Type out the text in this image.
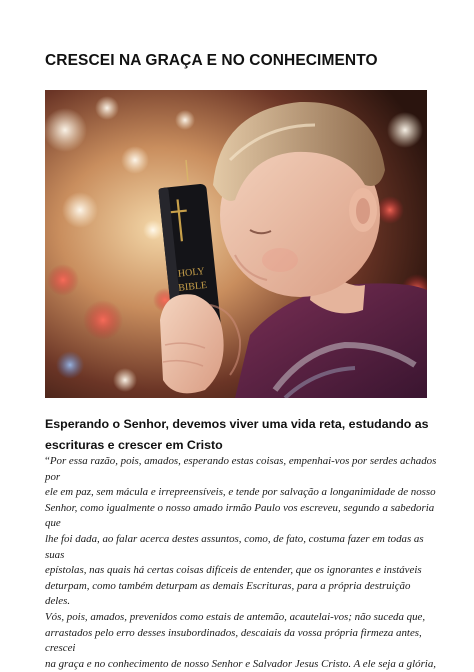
CRESCEI NA GRAÇA E NO CONHECIMENTO
HOLY
BIBLE
Esperando o Senhor, devemos viver uma vida reta, estudando as escrituras e crescer em Cristo

“Por essa razão, pois, amados, esperando estas coisas, empenhai-vos por serdes achados por

ele em paz, sem mácula e irrepreensíveis, e tende por salvação a longanimidade de nosso

Senhor, como igualmente o nosso amado irmão Paulo vos escreveu, segundo a sabedoria que

lhe foi dada, ao falar acerca destes assuntos, como, de fato, costuma fazer em todas as suas

epístolas, nas quais há certas coisas difíceis de entender, que os ignorantes e instáveis

deturpam, como também deturpam as demais Escrituras, para a própria destruição deles.

Vós, pois, amados, prevenidos como estais de antemão, acautelai-vos; não suceda que,

arrastados pelo erro desses insubordinados, descaiais da vossa própria firmeza antes, crescei

na graça e no conhecimento de nosso Senhor e Salvador Jesus Cristo. A ele seja a glória,
